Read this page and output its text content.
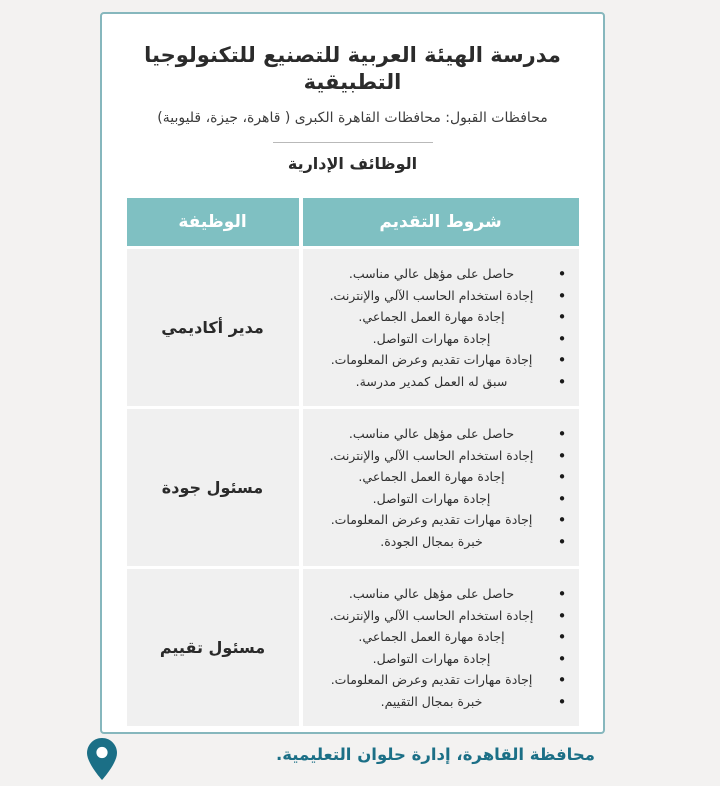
مدرسة الهيئة العربية للتصنيع للتكنولوجيا التطبيقية
محافظات القبول: محافظات القاهرة الكبرى ( قاهرة، جيزة، قليوبية)
الوظائف الإدارية
شروط التقديم	الوظيفة

• حاصل على مؤهل عالي مناسب.
• إجادة استخدام الحاسب الآلي والإنترنت.
• إجادة مهارة العمل الجماعي.
• إجادة مهارات التواصل.
• إجادة مهارات تقديم وعرض المعلومات.
• سبق له العمل كمدير مدرسة.
	مدير أكاديمي

• حاصل على مؤهل عالي مناسب.
• إجادة استخدام الحاسب الآلي والإنترنت.
• إجادة مهارة العمل الجماعي.
• إجادة مهارات التواصل.
• إجادة مهارات تقديم وعرض المعلومات.
• خبرة بمجال الجودة.
	مسئول جودة

• حاصل على مؤهل عالي مناسب.
• إجادة استخدام الحاسب الآلي والإنترنت.
• إجادة مهارة العمل الجماعي.
• إجادة مهارات التواصل.
• إجادة مهارات تقديم وعرض المعلومات.
• خبرة بمجال التقييم.
	مسئول تقييم
محافظة القاهرة، إدارة حلوان التعليمية.
